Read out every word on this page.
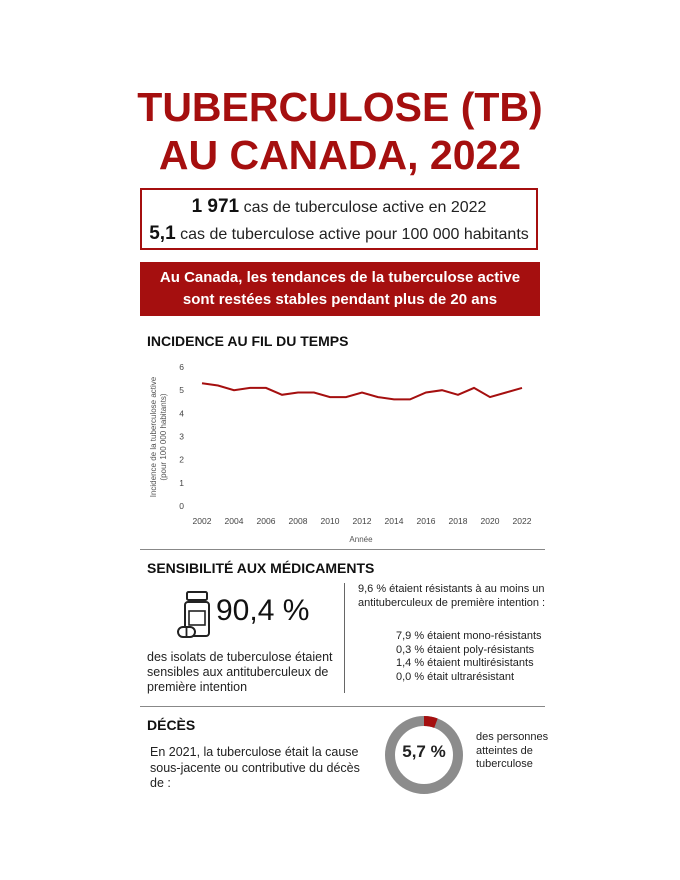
TUBERCULOSE (TB)
AU CANADA, 2022
1 971 cas de tuberculose active en 2022
5,1 cas de tuberculose active pour 100 000 habitants
Au Canada, les tendances de la tuberculose active
sont restées stables pendant plus de 20 ans
INCIDENCE AU FIL DU TEMPS
0
1
2
3
4
5
6
2002 2004 2006 2008 2010 2012 2014 2016 2018 2020 2022
Incidence de la tuberculose active (pour 100 000 habitants)
Année
SENSIBILITÉ AUX MÉDICAMENTS
90,4 %
des isolats de tuberculose étaient sensibles aux antituberculeux de première intention
9,6 % étaient résistants à au moins un antituberculeux de première intention :
7,9 % étaient mono-résistants
0,3 % étaient poly-résistants
1,4 % étaient multirésistants
0,0 % était ultrarésistant
DÉCÈS
En 2021, la tuberculose était la cause sous-jacente ou contributive du décès de :
5,7 %
des personnes atteintes de tuberculose
